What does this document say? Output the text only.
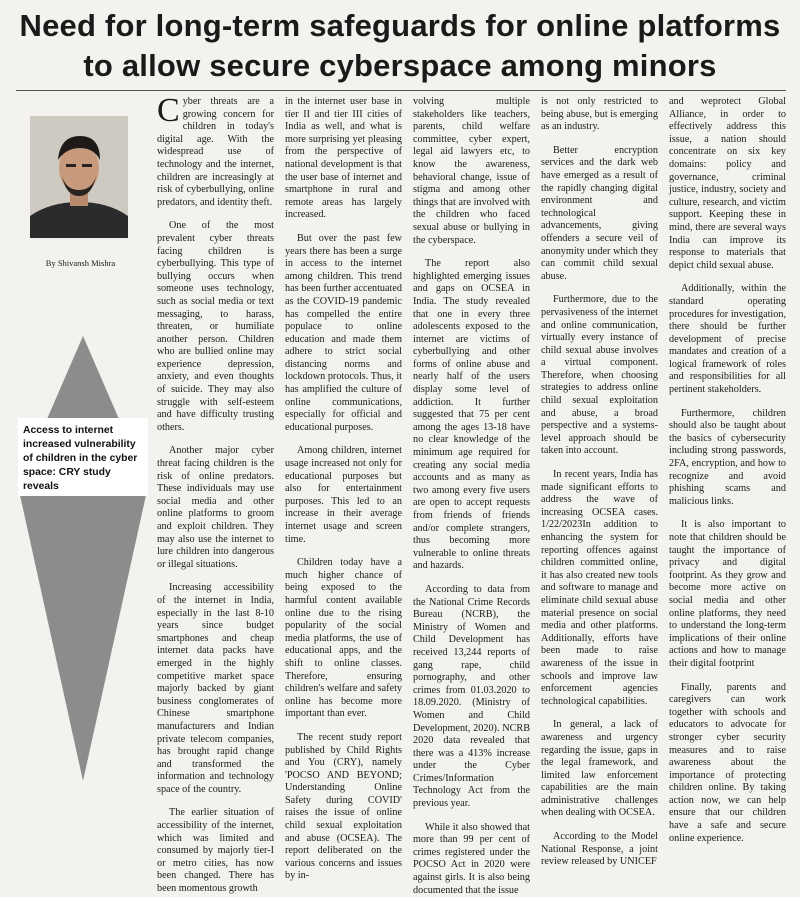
Need for long-term safeguards for online platforms
to allow secure cyberspace among minors
By Shivansh Mishra
Access to internet increased vulnerability of children in the cyber space: CRY study reveals

Cyber threats are a growing concern for children in today's digital age. With the widespread use of technology and the internet, children are increasingly at risk of cyberbullying, online predators, and identity theft.

One of the most prevalent cyber threats facing children is cyberbullying. This type of bullying occurs when someone uses technology, such as social media or text messaging, to harass, threaten, or humiliate another person. Children who are bullied online may experience depression, anxiety, and even thoughts of suicide. They may also struggle with self-esteem and have difficulty trusting others.

Another major cyber threat facing children is the risk of online predators. These individuals may use social media and other online platforms to groom and exploit children. They may also use the internet to lure children into dangerous or illegal situations.

Increasing accessibility of the internet in India, especially in the last 8-10 years since budget smartphones and cheap internet data packs have emerged in the highly competitive market space majorly backed by giant business conglomerates of Chinese smartphone manufacturers and Indian private telecom companies, has brought rapid change and transformed the information and technology space of the country.

The earlier situation of accessibility of the internet, which was limited and consumed by majorly tier-I or metro cities, has now been changed. There has been momentous growth

in the internet user base in tier II and tier III cities of India as well, and what is more surprising yet pleasing from the perspective of national development is that the user base of internet and smartphone in rural and remote areas has largely increased.

But over the past few years there has been a surge in access to the internet among children. This trend has been further accentuated as the COVID-19 pandemic has compelled the entire populace to online education and made them adhere to strict social distancing norms and lockdown protocols. Thus, it has amplified the culture of online communications, especially for official and educational purposes.

Among children, internet usage increased not only for educational purposes but also for entertainment purposes. This led to an increase in their average internet usage and screen time.

Children today have a much higher chance of being exposed to the harmful content available online due to the rising popularity of the social media platforms, the use of educational apps, and the shift to online classes. Therefore, ensuring children's welfare and safety online has become more important than ever.

The recent study report published by Child Rights and You (CRY), namely 'POCSO AND BEYOND; Understanding Online Safety during COVID' raises the issue of online child sexual exploitation and abuse (OCSEA). The report deliberated on the various concerns and issues by in-

volving multiple stakeholders like teachers, parents, child welfare committee, cyber expert, legal aid lawyers etc, to know the awareness, behavioral change, issue of stigma and among other things that are involved with the children who faced sexual abuse or bullying in the cyberspace.

The report also highlighted emerging issues and gaps on OCSEA in India. The study revealed that one in every three adolescents exposed to the internet are victims of cyberbullying and other forms of online abuse and nearly half of the users display some level of addiction. It further suggested that 75 per cent among the ages 13-18 have no clear knowledge of the minimum age required for creating any social media accounts and as many as two among every five users are open to accept requests from friends of friends and/or complete strangers, thus becoming more vulnerable to online threats and hazards.

According to data from the National Crime Records Bureau (NCRB), the Ministry of Women and Child Development has received 13,244 reports of gang rape, child pornography, and other crimes from 01.03.2020 to 18.09.2020. (Ministry of Women and Child Development, 2020). NCRB 2020 data revealed that there was a 413% increase under the Cyber Crimes/Information Technology Act from the previous year.

While it also showed that more than 99 per cent of crimes registered under the POCSO Act in 2020 were against girls. It is also being documented that the issue

is not only restricted to being abuse, but is emerging as an industry.

Better encryption services and the dark web have emerged as a result of the rapidly changing digital environment and technological advancements, giving offenders a secure veil of anonymity under which they can commit child sexual abuse.

Furthermore, due to the pervasiveness of the internet and online communication, virtually every instance of child sexual abuse involves a virtual component. Therefore, when choosing strategies to address online child sexual exploitation and abuse, a broad perspective and a systems-level approach should be taken into account.

In recent years, India has made significant efforts to address the wave of increasing OCSEA cases. 1/22/2023In addition to enhancing the system for reporting offences against children committed online, it has also created new tools and software to manage and eliminate child sexual abuse material presence on social media and other platforms. Additionally, efforts have been made to raise awareness of the issue in schools and improve law enforcement agencies technological capabilities.

In general, a lack of awareness and urgency regarding the issue, gaps in the legal framework, and limited law enforcement capabilities are the main administrative challenges when dealing with OCSEA.

According to the Model National Response, a joint review released by UNICEF

and weprotect Global Alliance, in order to effectively address this issue, a nation should concentrate on six key domains: policy and governance, criminal justice, industry, society and culture, research, and victim support. Keeping these in mind, there are several ways India can improve its response to materials that depict child sexual abuse.

Additionally, within the standard operating procedures for investigation, there should be further development of precise mandates and creation of a logical framework of roles and responsibilities for all pertinent stakeholders.

Furthermore, children should also be taught about the basics of cybersecurity including strong passwords, 2FA, encryption, and how to recognize and avoid phishing scams and malicious links.

It is also important to note that children should be taught the importance of privacy and digital footprint. As they grow and become more active on social media and other online platforms, they need to understand the long-term implications of their online actions and how to manage their digital footprint

Finally, parents and caregivers can work together with schools and educators to advocate for stronger cyber security measures and to raise awareness about the importance of protecting children online. By taking action now, we can help ensure that our children have a safe and secure online experience.
